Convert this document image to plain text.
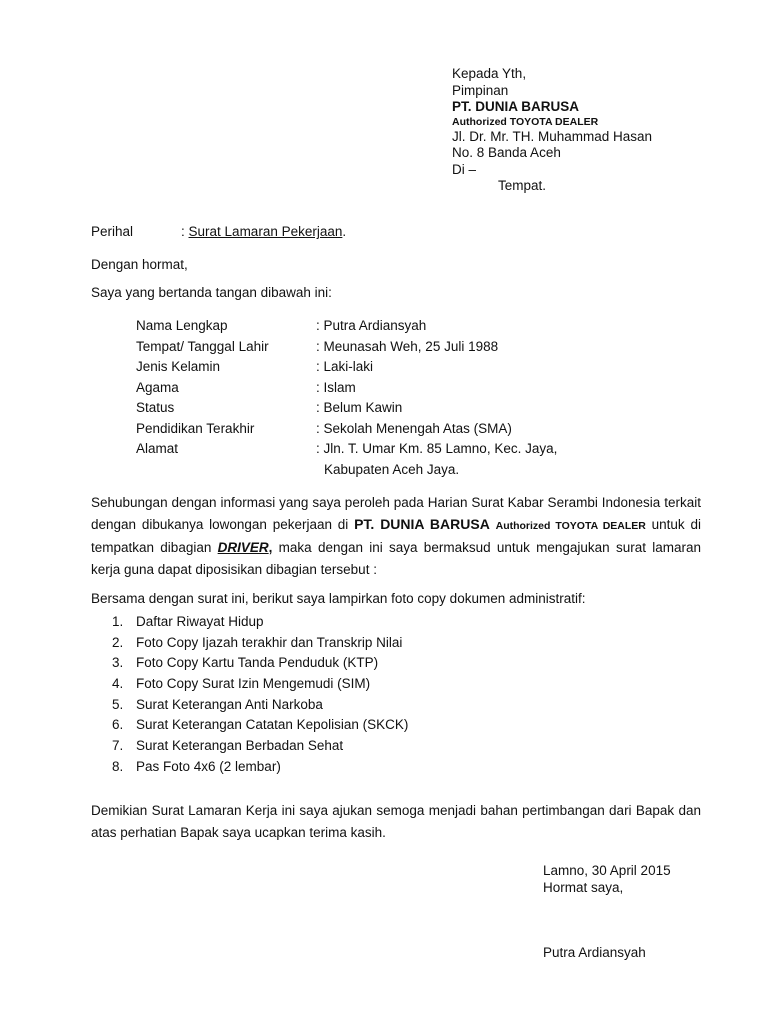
Kepada Yth,
Pimpinan
PT. DUNIA BARUSA
Authorized TOYOTA DEALER
Jl. Dr. Mr. TH. Muhammad Hasan
No. 8 Banda Aceh
Di –
Tempat.
Perihal	: Surat Lamaran Pekerjaan.
Dengan hormat,
Saya yang bertanda tangan dibawah ini:
Nama Lengkap	: Putra Ardiansyah
Tempat/ Tanggal Lahir	: Meunasah Weh, 25 Juli 1988
Jenis Kelamin	: Laki-laki
Agama	: Islam
Status	: Belum Kawin
Pendidikan Terakhir	: Sekolah Menengah Atas (SMA)
Alamat	: Jln. T. Umar Km. 85 Lamno, Kec. Jaya,
Kabupaten Aceh Jaya.
Sehubungan dengan informasi yang saya peroleh pada Harian Surat Kabar Serambi Indonesia terkait dengan dibukanya lowongan pekerjaan di PT. DUNIA BARUSA Authorized TOYOTA DEALER untuk di tempatkan dibagian DRIVER, maka dengan ini saya bermaksud untuk mengajukan surat lamaran kerja guna dapat diposisikan dibagian tersebut :
Bersama dengan surat ini, berikut saya lampirkan foto copy dokumen administratif:
1. Daftar Riwayat Hidup
2. Foto Copy Ijazah terakhir dan Transkrip Nilai
3. Foto Copy Kartu Tanda Penduduk (KTP)
4. Foto Copy Surat Izin Mengemudi (SIM)
5. Surat Keterangan Anti Narkoba
6. Surat Keterangan Catatan Kepolisian (SKCK)
7. Surat Keterangan Berbadan Sehat
8. Pas Foto 4x6 (2 lembar)
Demikian Surat Lamaran Kerja ini saya ajukan semoga menjadi bahan pertimbangan dari Bapak dan atas perhatian Bapak saya ucapkan terima kasih.
Lamno, 30 April 2015
Hormat saya,
Putra Ardiansyah
